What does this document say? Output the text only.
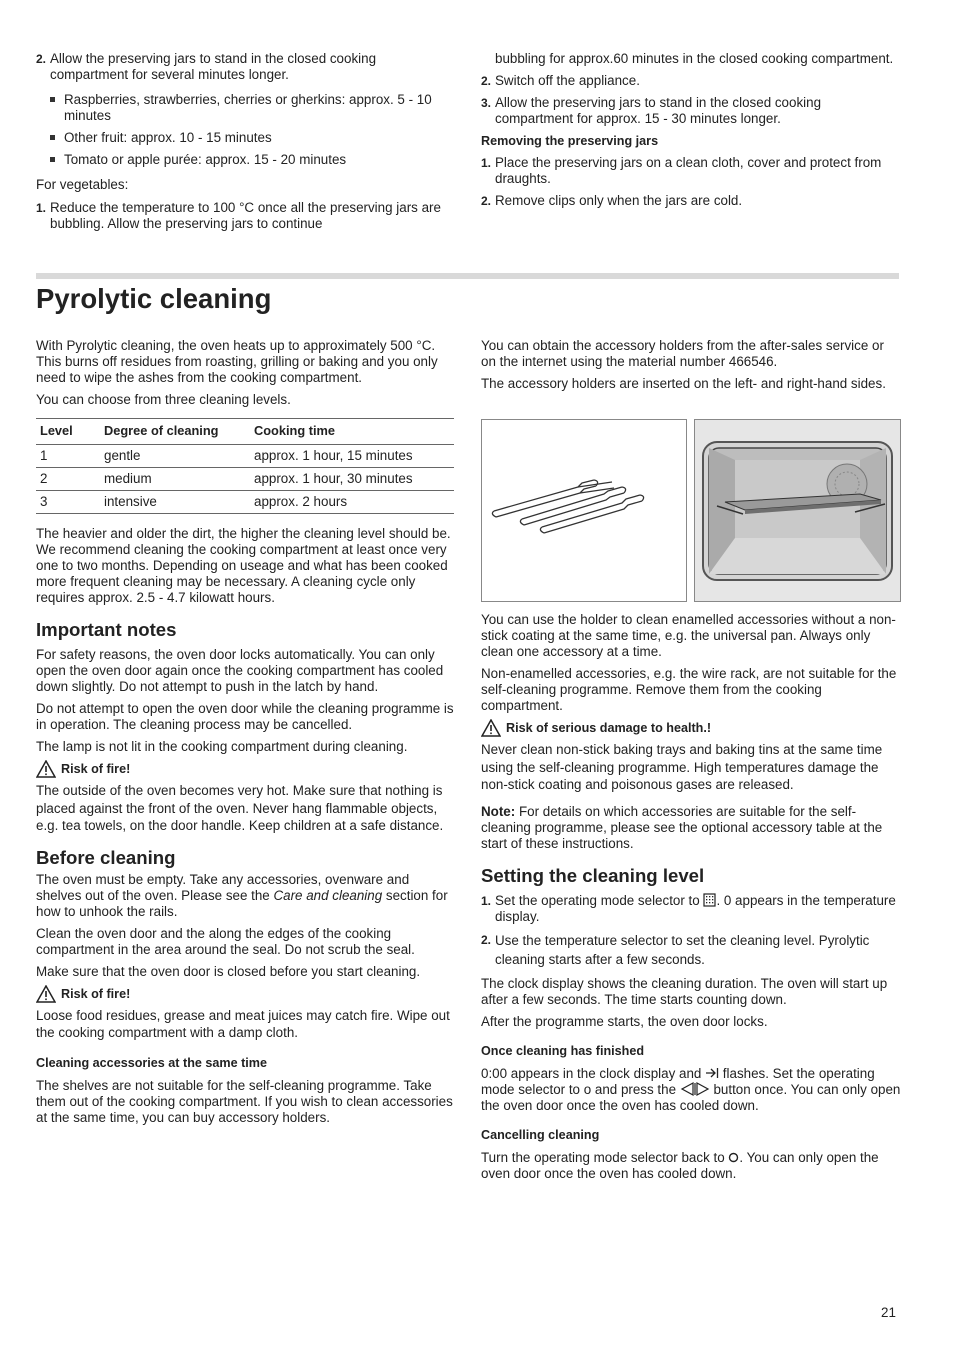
2. Allow the preserving jars to stand in the closed cooking compartment for several minutes longer.

Raspberries, strawberries, cherries or gherkins: approx. 5 - 10 minutes

Other fruit: approx. 10 - 15 minutes

Tomato or apple purée: approx. 15 - 20 minutes

For vegetables:

1. Reduce the temperature to 100 °C once all the preserving jars are bubbling. Allow the preserving jars to continue

bubbling for approx.60 minutes in the closed cooking compartment.

2. Switch off the appliance.

3. Allow the preserving jars to stand in the closed cooking compartment for approx. 15 - 30 minutes longer.

Removing the preserving jars

1. Place the preserving jars on a clean cloth, cover and protect from draughts.

2. Remove clips only when the jars are cold.

Pyrolytic cleaning

With Pyrolytic cleaning, the oven heats up to approximately 500 °C. This burns off residues from roasting, grilling or baking and you only need to wipe the ashes from the cooking compartment.

You can choose from three cleaning levels.

Level	Degree of cleaning	Cooking time
1	gentle	approx. 1 hour, 15 minutes
2	medium	approx. 1 hour, 30 minutes
3	intensive	approx. 2 hours

The heavier and older the dirt, the higher the cleaning level should be. We recommend cleaning the cooking compartment at least once very one to two months. Depending on useage and what has been cooked more frequent cleaning may be necessary. A cleaning cycle only requires approx. 2.5 - 4.7 kilowatt hours.

Important notes

For safety reasons, the oven door locks automatically. You can only open the oven door again once the cooking compartment has cooled down slightly. Do not attempt to push in the latch by hand.

Do not attempt to open the oven door while the cleaning programme is in operation. The cleaning process may be cancelled.

The lamp is not lit in the cooking compartment during cleaning.

Risk of fire!

The outside of the oven becomes very hot. Make sure that nothing is placed against the front of the oven. Never hang flammable objects, e.g. tea towels, on the door handle. Keep children at a safe distance.

Before cleaning

The oven must be empty. Take any accessories, ovenware and shelves out of the oven. Please see the Care and cleaning section for how to unhook the rails.

Clean the oven door and the along the edges of the cooking compartment in the area around the seal. Do not scrub the seal.

Make sure that the oven door is closed before you start cleaning.

Risk of fire!

Loose food residues, grease and meat juices may catch fire. Wipe out the cooking compartment with a damp cloth.

Cleaning accessories at the same time

The shelves are not suitable for the self-cleaning programme. Take them out of the cooking compartment. If you wish to clean accessories at the same time, you can buy accessory holders.

You can obtain the accessory holders from the after-sales service or on the internet using the material number 466546.

The accessory holders are inserted on the left- and right-hand sides.

You can use the holder to clean enamelled accessories without a non-stick coating at the same time, e.g. the universal pan. Always only clean one accessory at a time.

Non-enamelled accessories, e.g. the wire rack, are not suitable for the self-cleaning programme. Remove them from the cooking compartment.

Risk of serious damage to health.!

Never clean non-stick baking trays and baking tins at the same time using the self-cleaning programme. High temperatures damage the non-stick coating and poisonous gases are released.

Note: For details on which accessories are suitable for the self-cleaning programme, please see the optional accessory table at the start of these instructions.

Setting the cleaning level

1. Set the operating mode selector to . 0 appears in the temperature display.

2. Use the temperature selector to set the cleaning level. Pyrolytic cleaning starts after a few seconds.

The clock display shows the cleaning duration. The oven will start up after a few seconds. The time starts counting down.

After the programme starts, the oven door locks.

Once cleaning has finished

0:00 appears in the clock display and  flashes. Set the operating mode selector to o and press the  button once. You can only open the oven door once the oven has cooled down.

Cancelling cleaning

Turn the operating mode selector back to . You can only open the oven door once the oven has cooled down.

21
